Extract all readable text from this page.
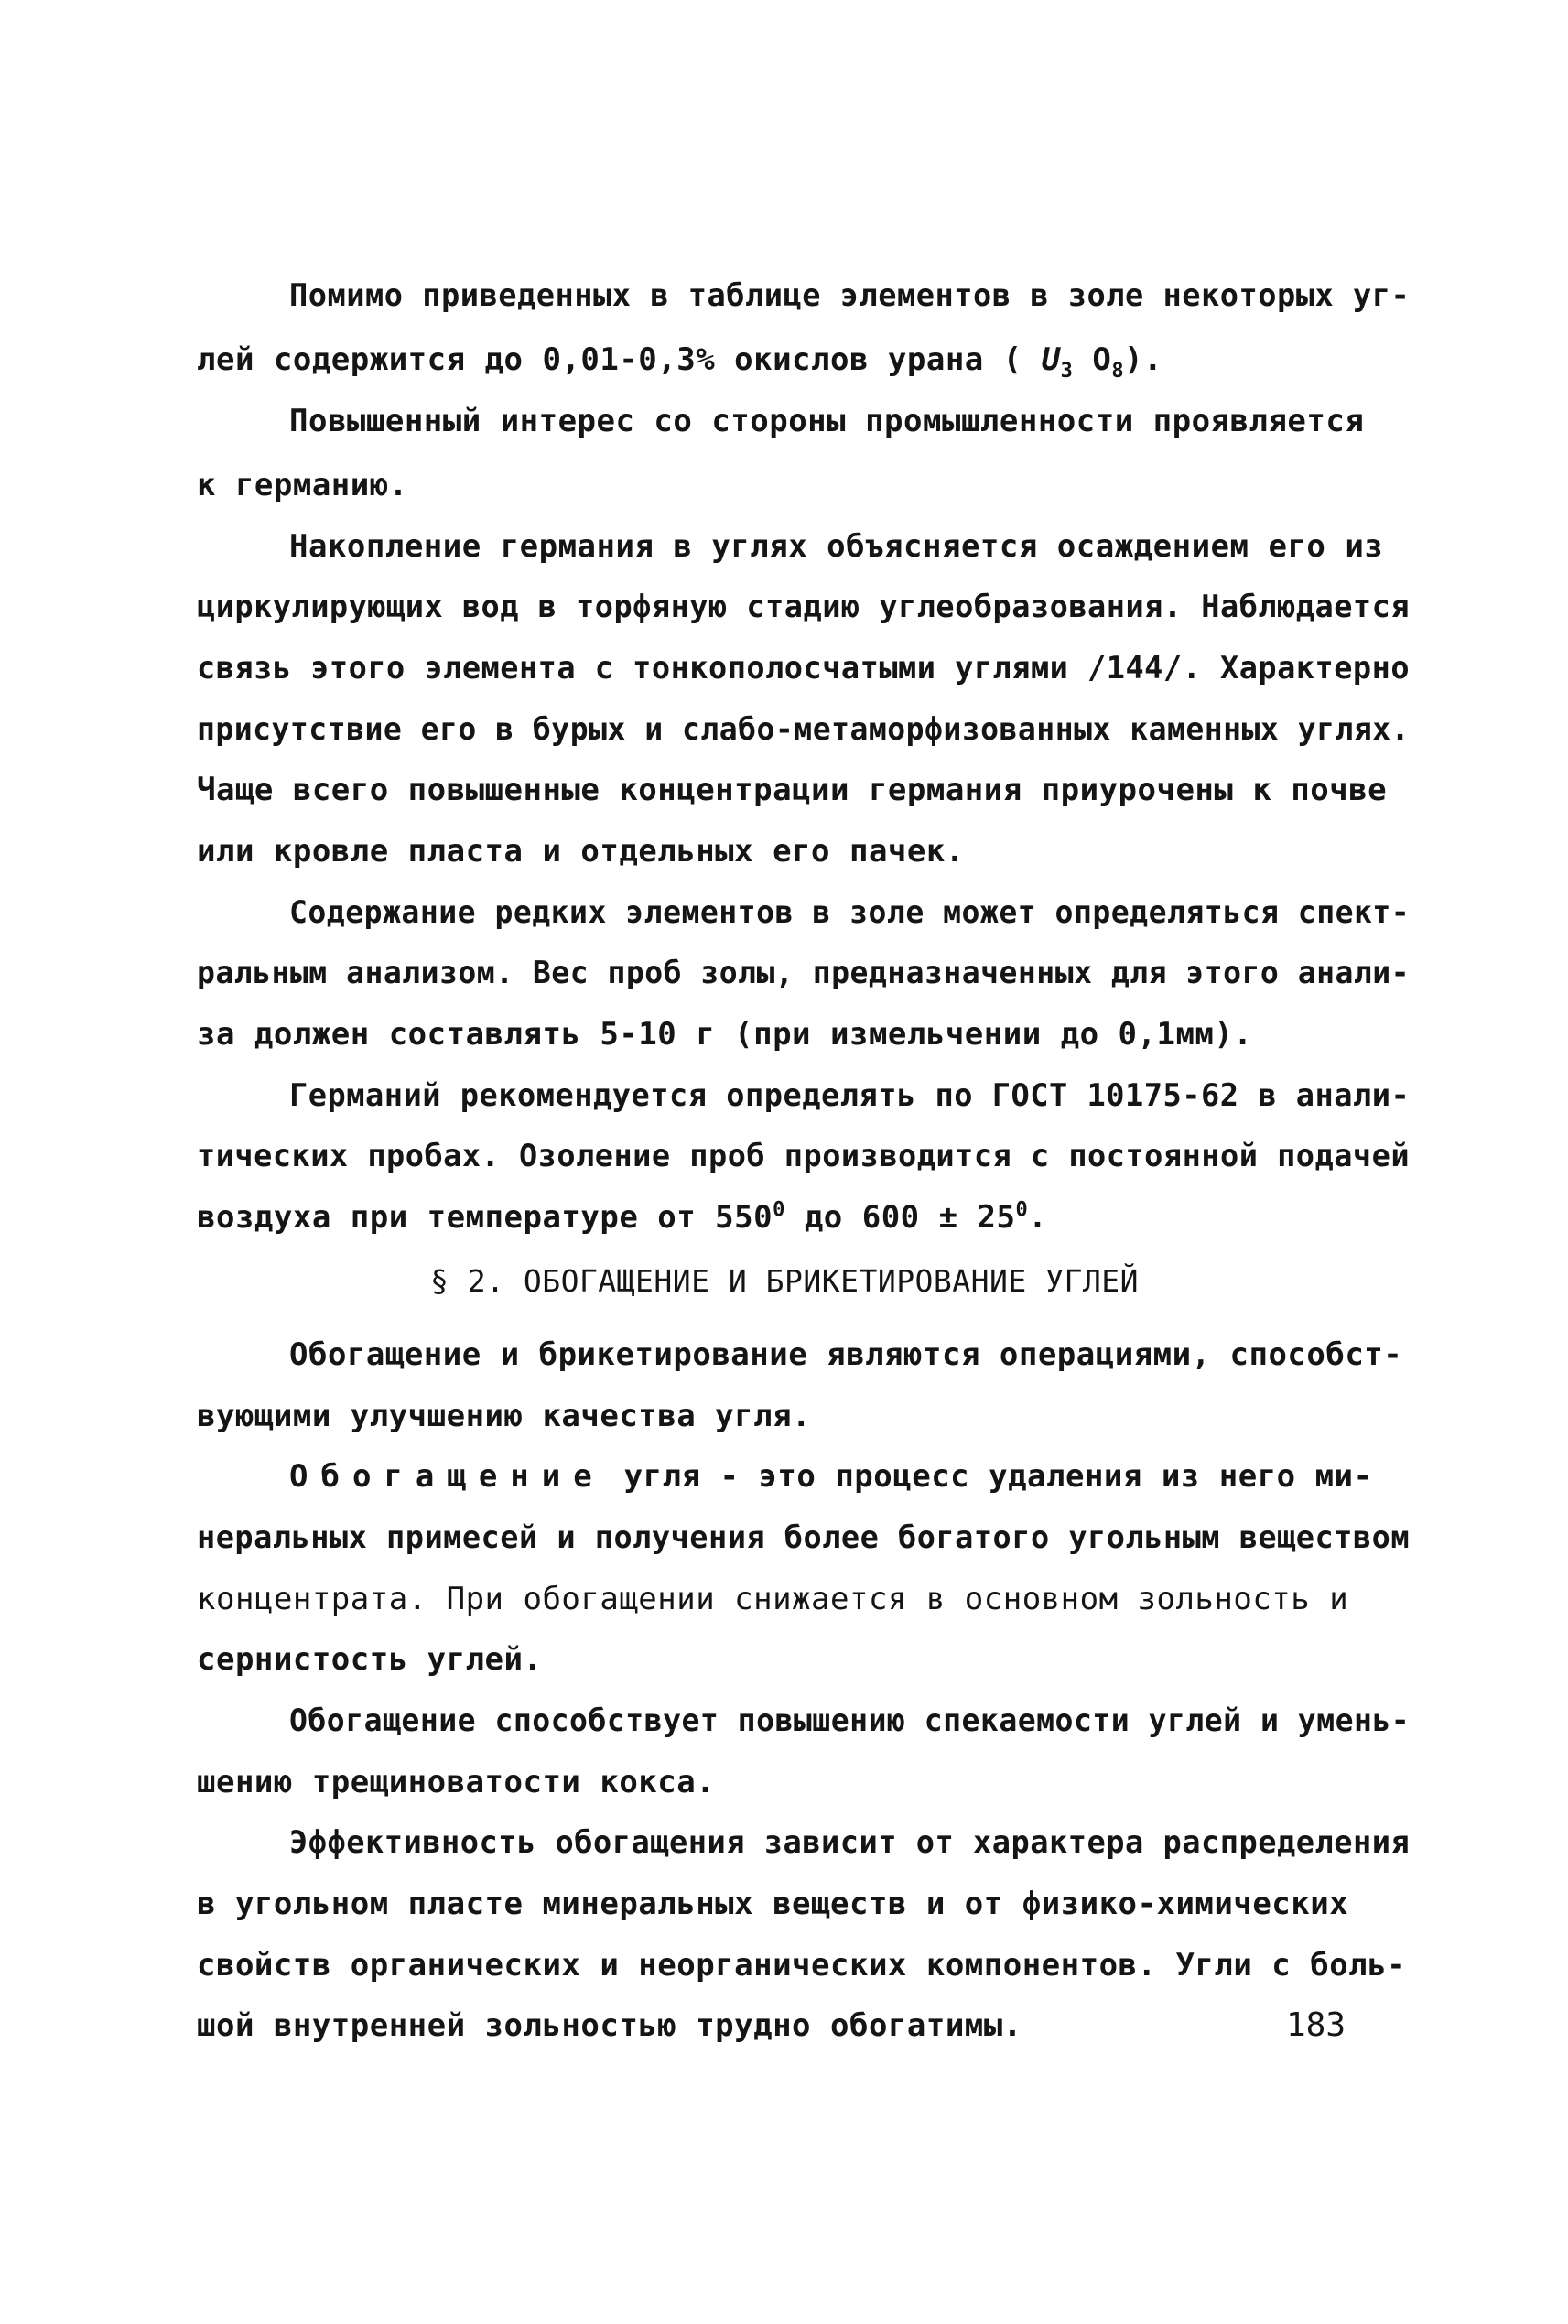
Помимо приведенных в таблице элементов в золе некоторых уг-
лей содержится до 0,01-0,3% окислов урана ( $U_3$ $O_8$).
Повышенный интерес со стороны промышленности проявляется
к германию.
Накопление германия в углях объясняется осаждением его из
циркулирующих вод в торфяную стадию углеобразования. Наблюдается
связь этого элемента с тонкополосчатыми углями /144/. Характерно
присутствие его в бурых и слабо-метаморфизованных каменных углях.
Чаще всего повышенные концентрации германия приурочены к почве
или кровле пласта и отдельных его пачек.
Содержание редких элементов в золе может определяться спект-
ральным анализом. Вес проб золы, предназначенных для этого анали-
за должен составлять 5-10 г (при измельчении до 0,1мм).
Германий рекомендуется определять по ГОСТ 10175-62 в анали-
тических пробах. Озоление проб производится с постоянной подачей
воздуха при температуре от $550^0$ до $600 \pm 25^0$.
§ 2. ОБОГАЩЕНИЕ И БРИКЕТИРОВАНИЕ УГЛЕЙ
Обогащение и брикетирование являются операциями, способст-
вующими улучшению качества угля.
Обогащение угля - это процесс удаления из него ми-
неральных примесей и получения более богатого угольным веществом
концентрата. При обогащении снижается в основном зольность и
сернистость углей.
Обогащение способствует повышению спекаемости углей и умень-
шению трещиноватости кокса.
Эффективность обогащения зависит от характера распределения
в угольном пласте минеральных веществ и от физико-химических
свойств органических и неорганических компонентов. Угли с боль-
шой внутренней зольностью трудно обогатимы.	183
